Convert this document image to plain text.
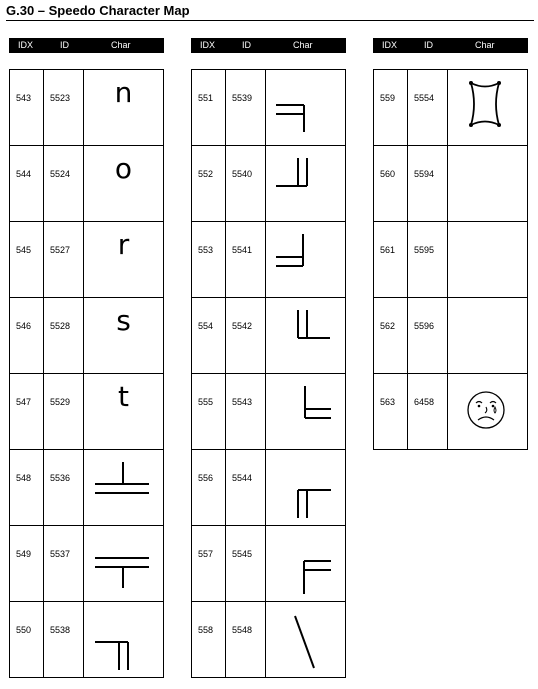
G.30 – Speedo Character Map
IDX	ID	Char
543	5523	n

544	5524	o

545	5527	r

546	5528	s

547	5529	t

548	5536

549	5537

550	5538

IDX	ID	Char
551	5539

552	5540

553	5541

554	5542

555	5543

556	5544

557	5545

558	5548

IDX	ID	Char
559	5554

560	5594	

561	5595	

562	5596	

563	6458
